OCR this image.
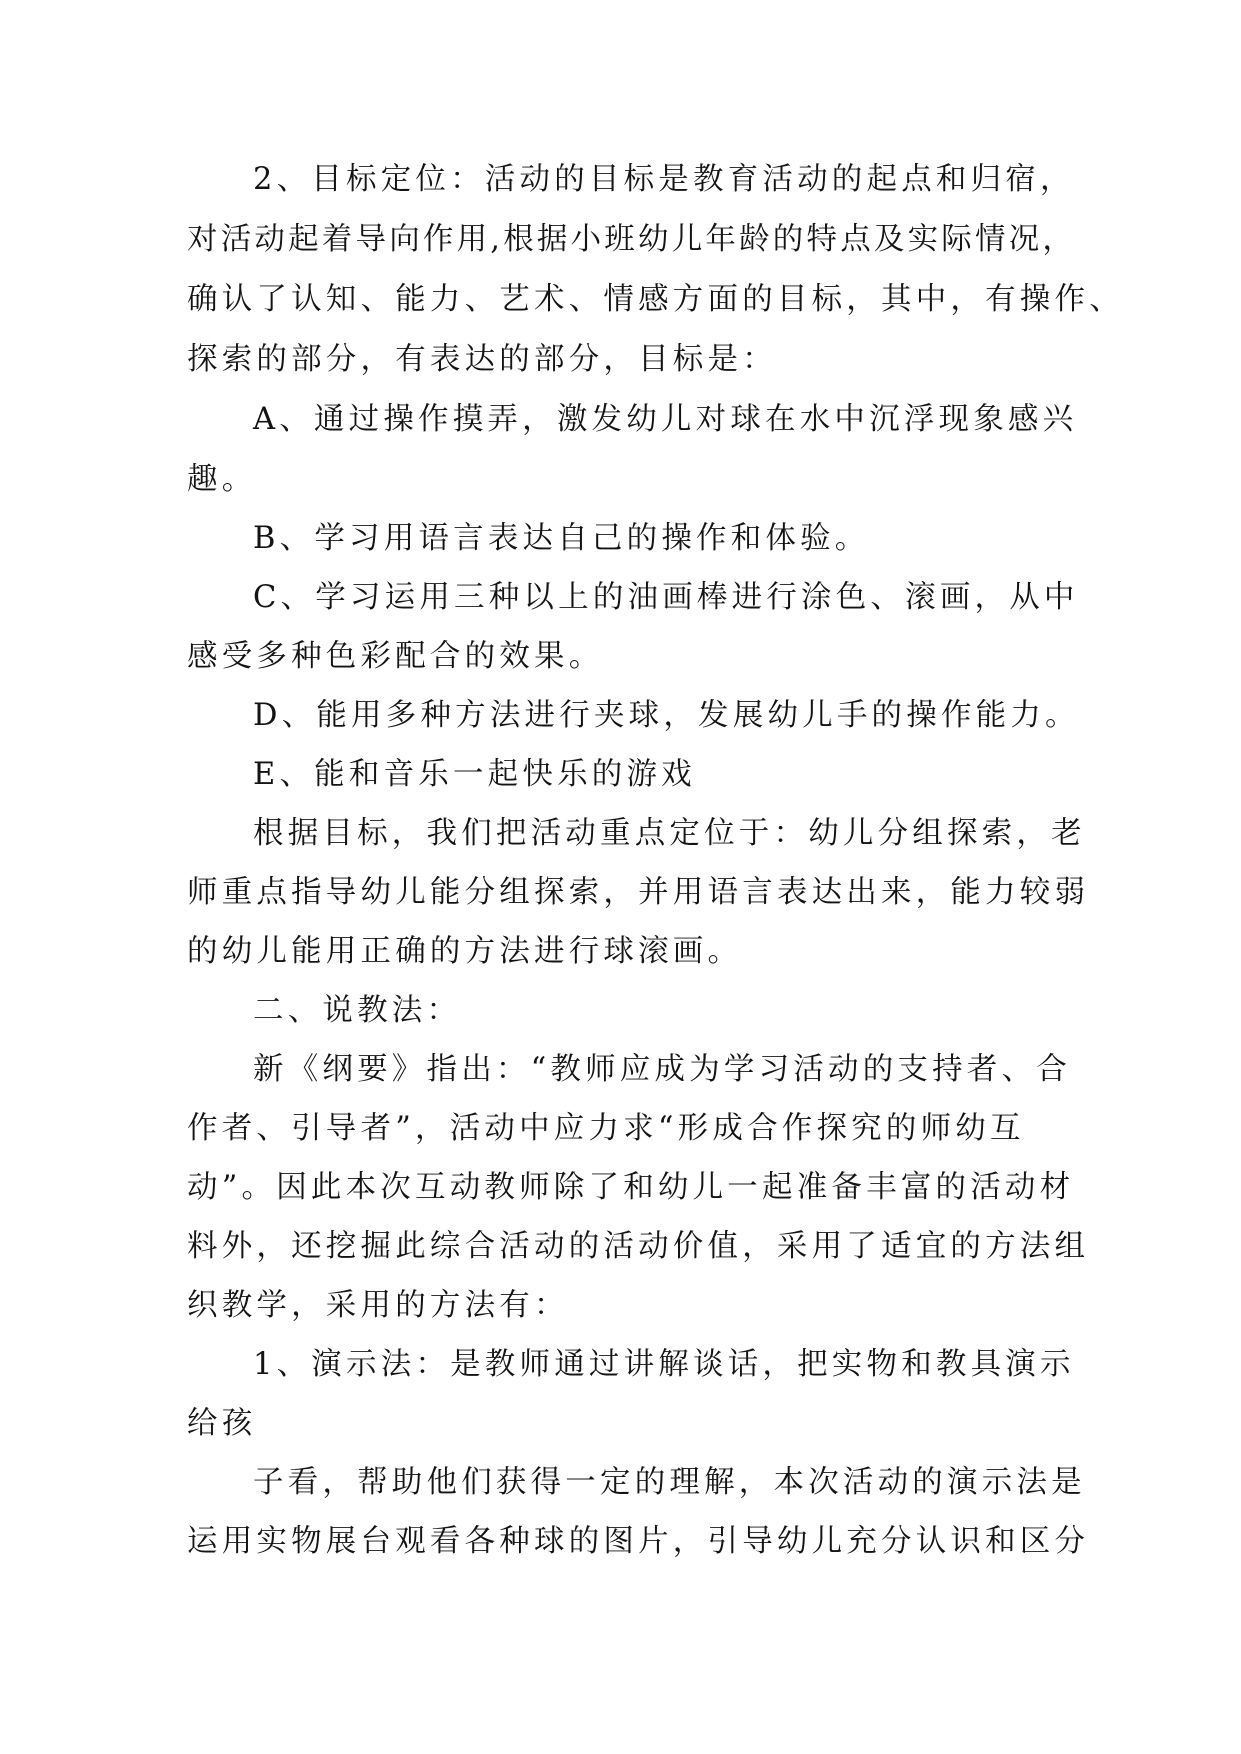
2、目标定位：活动的目标是教育活动的起点和归宿，

对活动起着导向作用,根据小班幼儿年龄的特点及实际情况，

确认了认知、能力、艺术、情感方面的目标，其中，有操作、

探索的部分，有表达的部分，目标是：

A、通过操作摸弄，激发幼儿对球在水中沉浮现象感兴

趣。

B、学习用语言表达自己的操作和体验。

C、学习运用三种以上的油画棒进行涂色、滚画，从中

感受多种色彩配合的效果。

D、能用多种方法进行夹球，发展幼儿手的操作能力。

E、能和音乐一起快乐的游戏

根据目标，我们把活动重点定位于：幼儿分组探索，老

师重点指导幼儿能分组探索，并用语言表达出来，能力较弱

的幼儿能用正确的方法进行球滚画。

二、说教法：

新《纲要》指出：“教师应成为学习活动的支持者、合

作者、引导者”，活动中应力求“形成合作探究的师幼互

动”。因此本次互动教师除了和幼儿一起准备丰富的活动材

料外，还挖掘此综合活动的活动价值，采用了适宜的方法组

织教学，采用的方法有：

1、演示法：是教师通过讲解谈话，把实物和教具演示

给孩

子看，帮助他们获得一定的理解，本次活动的演示法是

运用实物展台观看各种球的图片，引导幼儿充分认识和区分
